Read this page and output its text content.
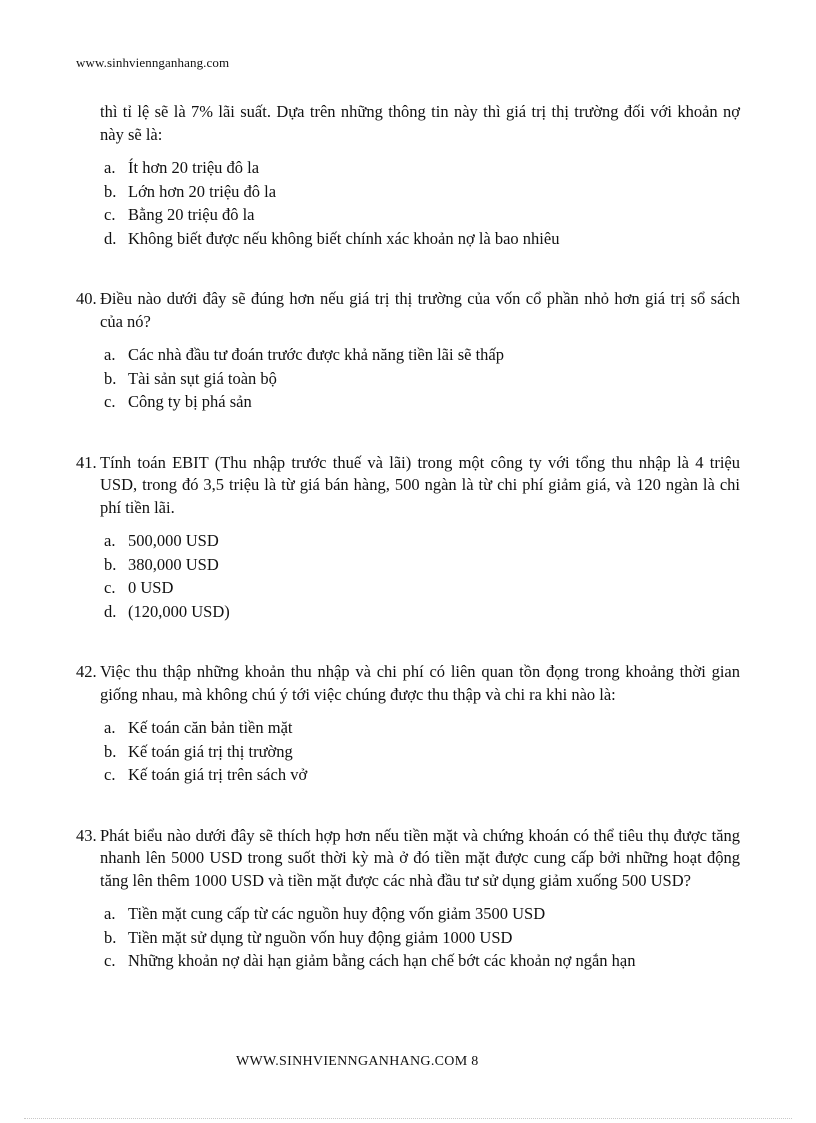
www.sinhviennganhang.com
thì tỉ lệ sẽ là 7% lãi suất. Dựa trên những thông tin này thì giá trị thị trường đối với khoản nợ này sẽ là:
a. Ít hơn 20 triệu đô la
b. Lớn hơn 20 triệu đô la
c. Bằng 20 triệu đô la
d. Không biết được nếu không biết chính xác khoản nợ là bao nhiêu
40. Điều nào dưới đây sẽ đúng hơn nếu giá trị thị trường của vốn cổ phần nhỏ hơn giá trị sổ sách của nó?
a. Các nhà đầu tư đoán trước được khả năng tiền lãi sẽ thấp
b. Tài sản sụt giá toàn bộ
c. Công ty bị phá sản
41. Tính toán EBIT (Thu nhập trước thuế và lãi) trong một công ty với tổng thu nhập là 4 triệu USD, trong đó 3,5 triệu là từ giá bán hàng, 500 ngàn là từ chi phí giảm giá, và 120 ngàn là chi phí tiền lãi.
a. 500,000 USD
b. 380,000 USD
c. 0 USD
d. (120,000 USD)
42. Việc thu thập những khoản thu nhập và chi phí có liên quan tồn đọng trong khoảng thời gian giống nhau, mà không chú ý tới việc chúng được thu thập và chi ra khi nào là:
a. Kế toán căn bản tiền mặt
b. Kế toán giá trị thị trường
c. Kế toán giá trị trên sách vở
43. Phát biểu nào dưới đây sẽ thích hợp hơn nếu tiền mặt và chứng khoán có thể tiêu thụ được tăng nhanh lên 5000 USD trong suốt thời kỳ mà ở đó tiền mặt được cung cấp bởi những hoạt động tăng lên thêm 1000 USD và tiền mặt được các nhà đầu tư sử dụng giảm xuống 500 USD?
a. Tiền mặt cung cấp từ các nguồn huy động vốn giảm 3500 USD
b. Tiền mặt sử dụng từ nguồn vốn huy động giảm 1000 USD
c. Những khoản nợ dài hạn giảm bằng cách hạn chế bớt các khoản nợ ngắn hạn
WWW.SINHVIENNGANHANG.COM 8
